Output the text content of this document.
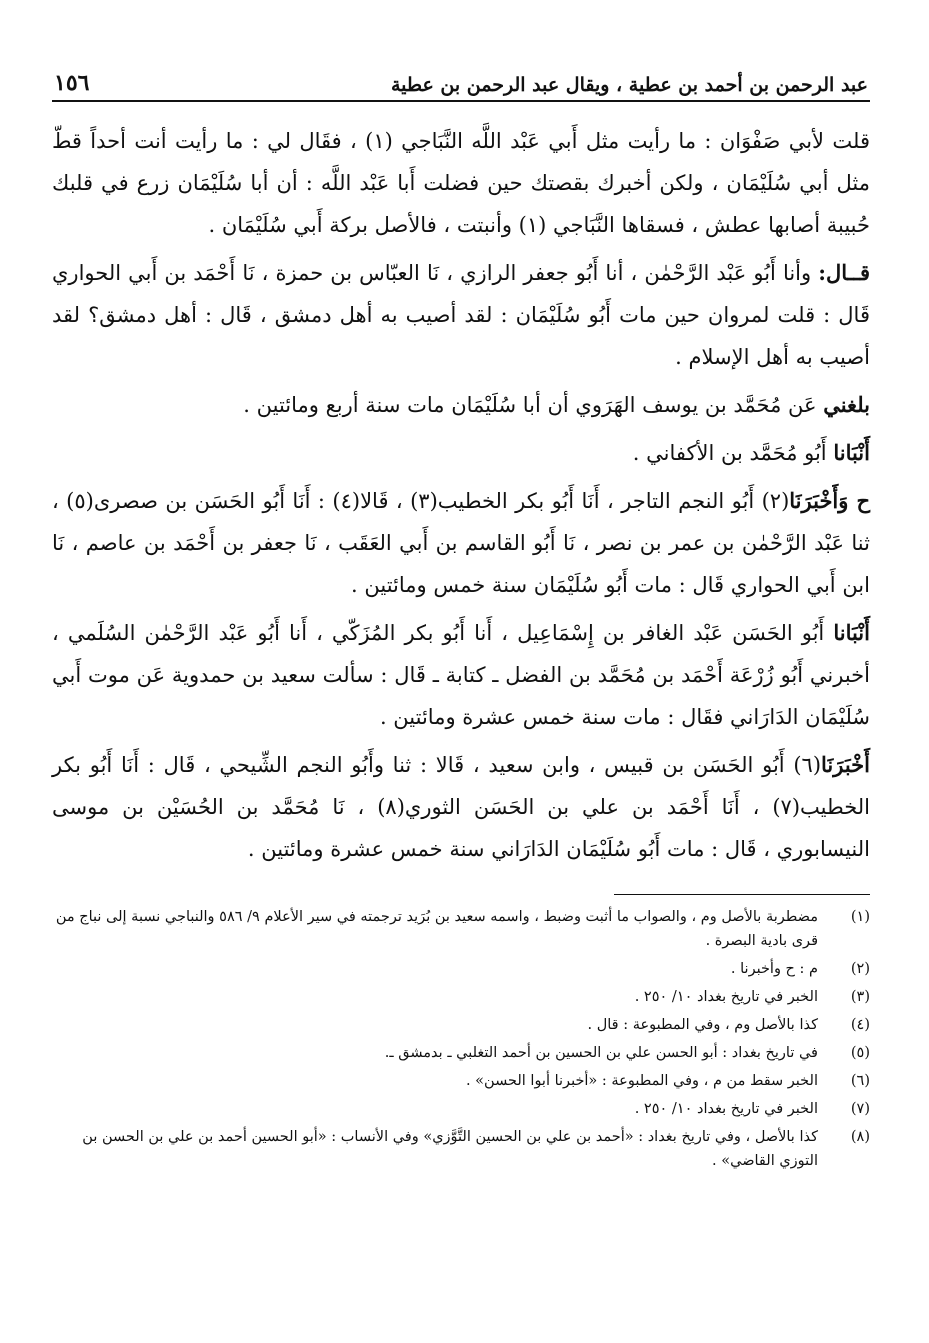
عبد الرحمن بن أحمد بن عطية ، ويقال عبد الرحمن بن عطية
١٥٦

قلت لأبي صَفْوَان : ما رأيت مثل أَبي عَبْد اللَّه النَّبَاجي (١) ، فقَال لي : ما رأيت أنت أحداً قطّ مثل أبي سُلَيْمَان ، ولكن أخبرك بقصتك حين فضلت أَبا عَبْد اللَّه : أن أبا سُلَيْمَان زرع في قلبك حُبيبة أصابها عطش ، فسقاها النَّبَاجي (١) وأنبتت ، فالأصل بركة أَبي سُلَيْمَان .

قــال: وأنا أَبُو عَبْد الرَّحْمٰن ، أنا أَبُو جعفر الرازي ، نَا العبّاس بن حمزة ، نَا أَحْمَد بن أَبي الحواري قَال : قلت لمروان حين مات أَبُو سُلَيْمَان : لقد أصيب به أهل دمشق ، قَال : أهل دمشق؟ لقد أصيب به أهل الإسلام .

بلغني عَن مُحَمَّد بن يوسف الهَرَوي أن أبا سُلَيْمَان مات سنة أربع ومائتين .

أَنْبَانا أَبُو مُحَمَّد بن الأكفاني .

ح وَأَخْبَرَنَا(٢) أَبُو النجم التاجر ، أَنَا أَبُو بكر الخطيب(٣) ، قَالا(٤) : أَنَا أَبُو الحَسَن بن صصرى(٥) ، ثنا عَبْد الرَّحْمٰن بن عمر بن نصر ، نَا أَبُو القاسم بن أَبي العَقَب ، نَا جعفر بن أَحْمَد بن عاصم ، نَا ابن أَبي الحواري قَال : مات أَبُو سُلَيْمَان سنة خمس ومائتين .

أَنْبَانا أَبُو الحَسَن عَبْد الغافر بن إِسْمَاعِيل ، أَنا أَبُو بكر المُزَكّي ، أَنا أَبُو عَبْد الرَّحْمٰن السُلَمي ، أخبرني أَبُو زُرْعَة أَحْمَد بن مُحَمَّد بن الفضل ـ كتابة ـ قَال : سألت سعيد بن حمدوية عَن موت أَبي سُلَيْمَان الدَارَاني فقَال : مات سنة خمس عشرة ومائتين .

أَخْبَرَنَا(٦) أَبُو الحَسَن بن قبيس ، وابن سعيد ، قَالا : ثنا وأَبُو النجم الشِّيحي ، قَال : أَنَا أَبُو بكر الخطيب(٧) ، أَنَا أَحْمَد بن علي بن الحَسَن الثوري(٨) ، نَا مُحَمَّد بن الحُسَيْن بن موسى النيسابوري ، قَال : مات أَبُو سُلَيْمَان الدَارَاني سنة خمس عشرة ومائتين .

(١)
مضطربة بالأصل وم ، والصواب ما أثبت وضبط ، واسمه سعيد بن بُرَيد ترجمته في سير الأعلام ٩/ ٥٨٦ والنباجي نسبة إلى نباج من قرى بادية البصرة .
(٢)
م : ح وأخبرنا .
(٣)
الخبر في تاريخ بغداد ١٠/ ٢٥٠ .
(٤)
كذا بالأصل وم ، وفي المطبوعة : قال .
(٥)
في تاريخ بغداد : أبو الحسن علي بن الحسين بن أحمد التغلبي ـ بدمشق ـ.
(٦)
الخبر سقط من م ، وفي المطبوعة : «أخبرنا أبوا الحسن» .
(٧)
الخبر في تاريخ بغداد ١٠/ ٢٥٠ .
(٨)
كذا بالأصل ، وفي تاريخ بغداد : «أحمد بن علي بن الحسين التَّوَّزي» وفي الأنساب : «أبو الحسين أحمد بن علي بن الحسن بن التوزي القاضي» .
